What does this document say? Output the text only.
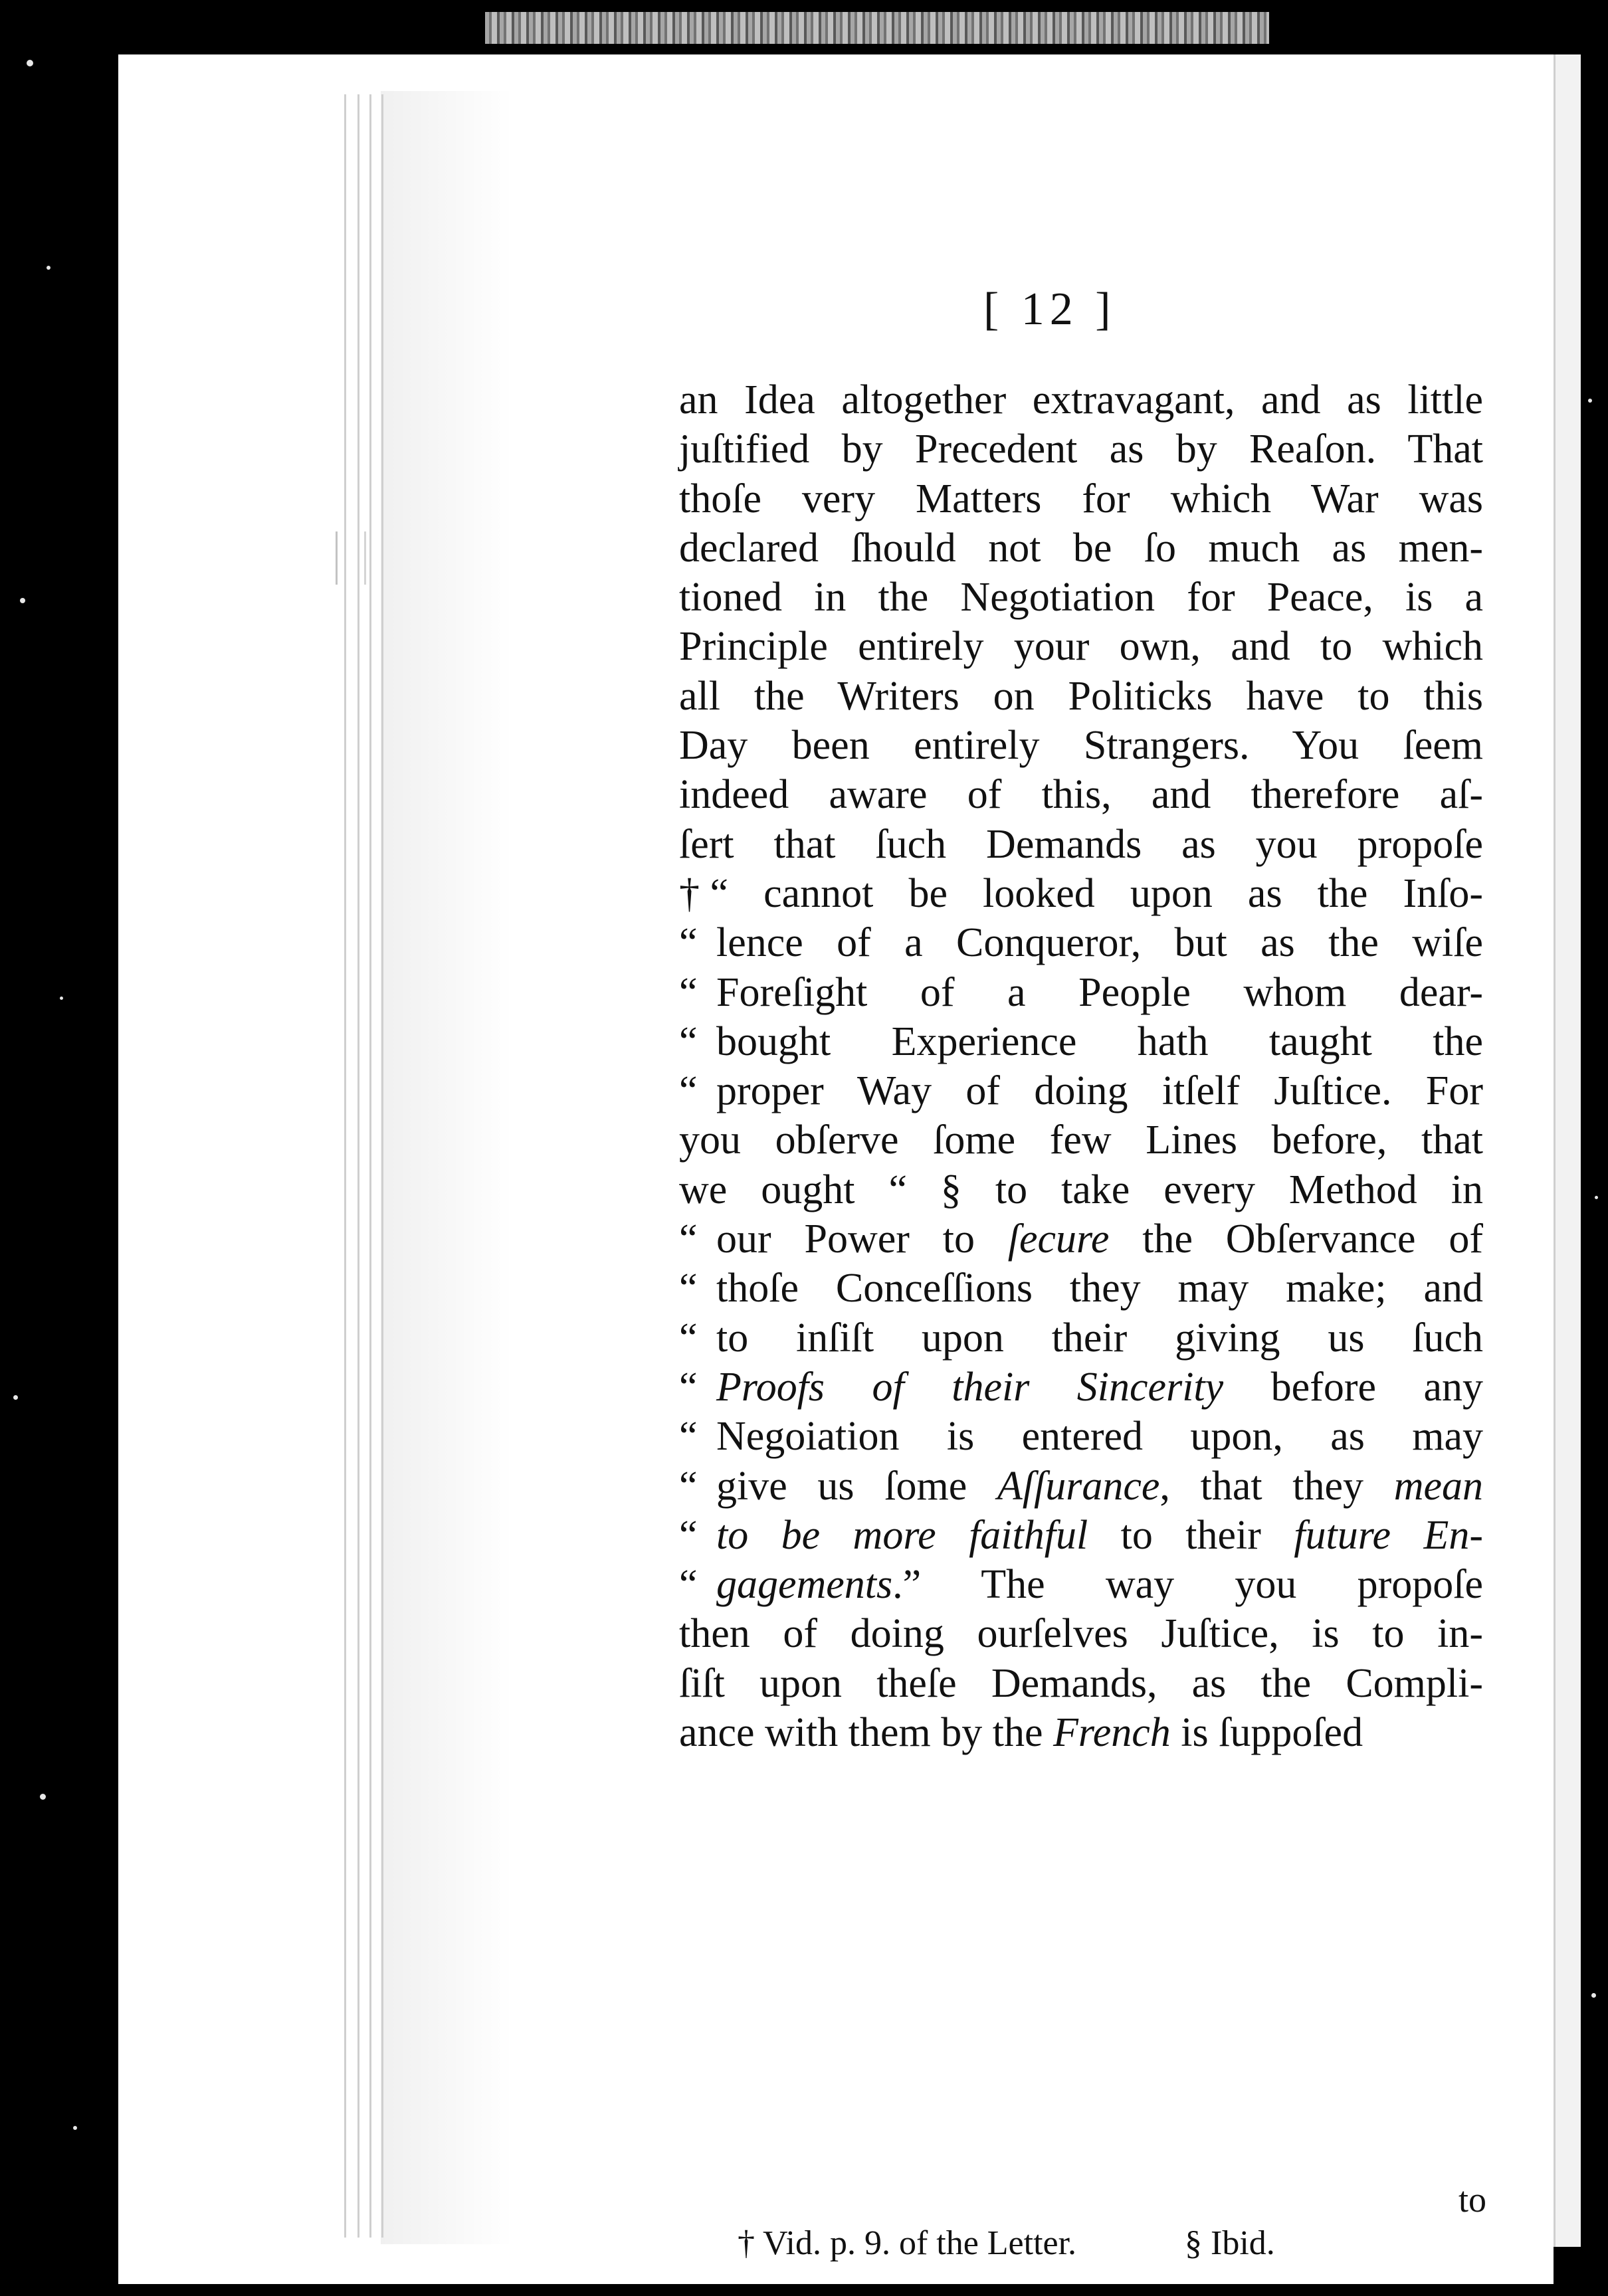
[ 12 ]
an Idea altogether extravagant, and as little
juſtified by Precedent as by Reaſon. That
thoſe very Matters for which War was
declared ſhould not be ſo much as men-
tioned in the Negotiation for Peace, is a
Principle entirely your own, and to which
all the Writers on Politicks have to this
Day been entirely Strangers. You ſeem
indeed aware of this, and therefore aſ-
ſert that ſuch Demands as you propoſe
† “ cannot be looked upon as the Inſo-
“ lence of a Conqueror, but as the wiſe
“ Foreſight of a People whom dear-
“ bought Experience hath taught the
“ proper Way of doing itſelf Juſtice. For
you obſerve ſome few Lines before, that
we ought “ § to take every Method in
“ our Power to ſecure the Obſervance of
“ thoſe Conceſſions they may make; and
“ to inſiſt upon their giving us ſuch
“ Proofs of their Sincerity before any
“ Negoiation is entered upon, as may
“ give us ſome Aſſurance, that they mean
“ to be more faithful to their future En-
“ gagements.” The way you propoſe
then of doing ourſelves Juſtice, is to in-
ſiſt upon theſe Demands, as the Compli-
ance with them by the French is ſuppoſed
† Vid. p. 9. of the Letter.	§ Ibid.
to
